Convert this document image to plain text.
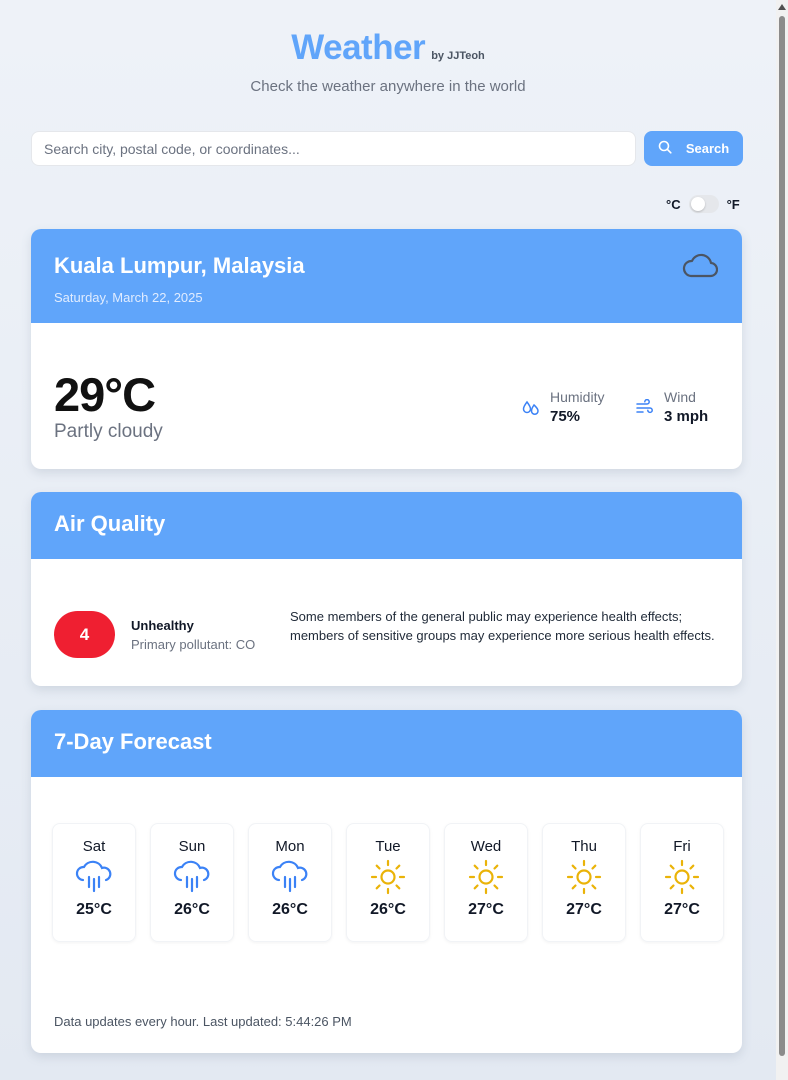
Weather by JJTeoh
Check the weather anywhere in the world
Search city, postal code, or coordinates...
Search
°C	°F
Kuala Lumpur, Malaysia
Saturday, March 22, 2025
29°C
Partly cloudy
Humidity
75%
Wind
3 mph
Air Quality
4	Unhealthy
Primary pollutant: CO
Some members of the general public may experience health effects; members of sensitive groups may experience more serious health effects.
7-Day Forecast
Sat
25°C
Sun
26°C
Mon
26°C
Tue
26°C
Wed
27°C
Thu
27°C
Fri
27°C
Data updates every hour. Last updated: 5:44:26 PM
